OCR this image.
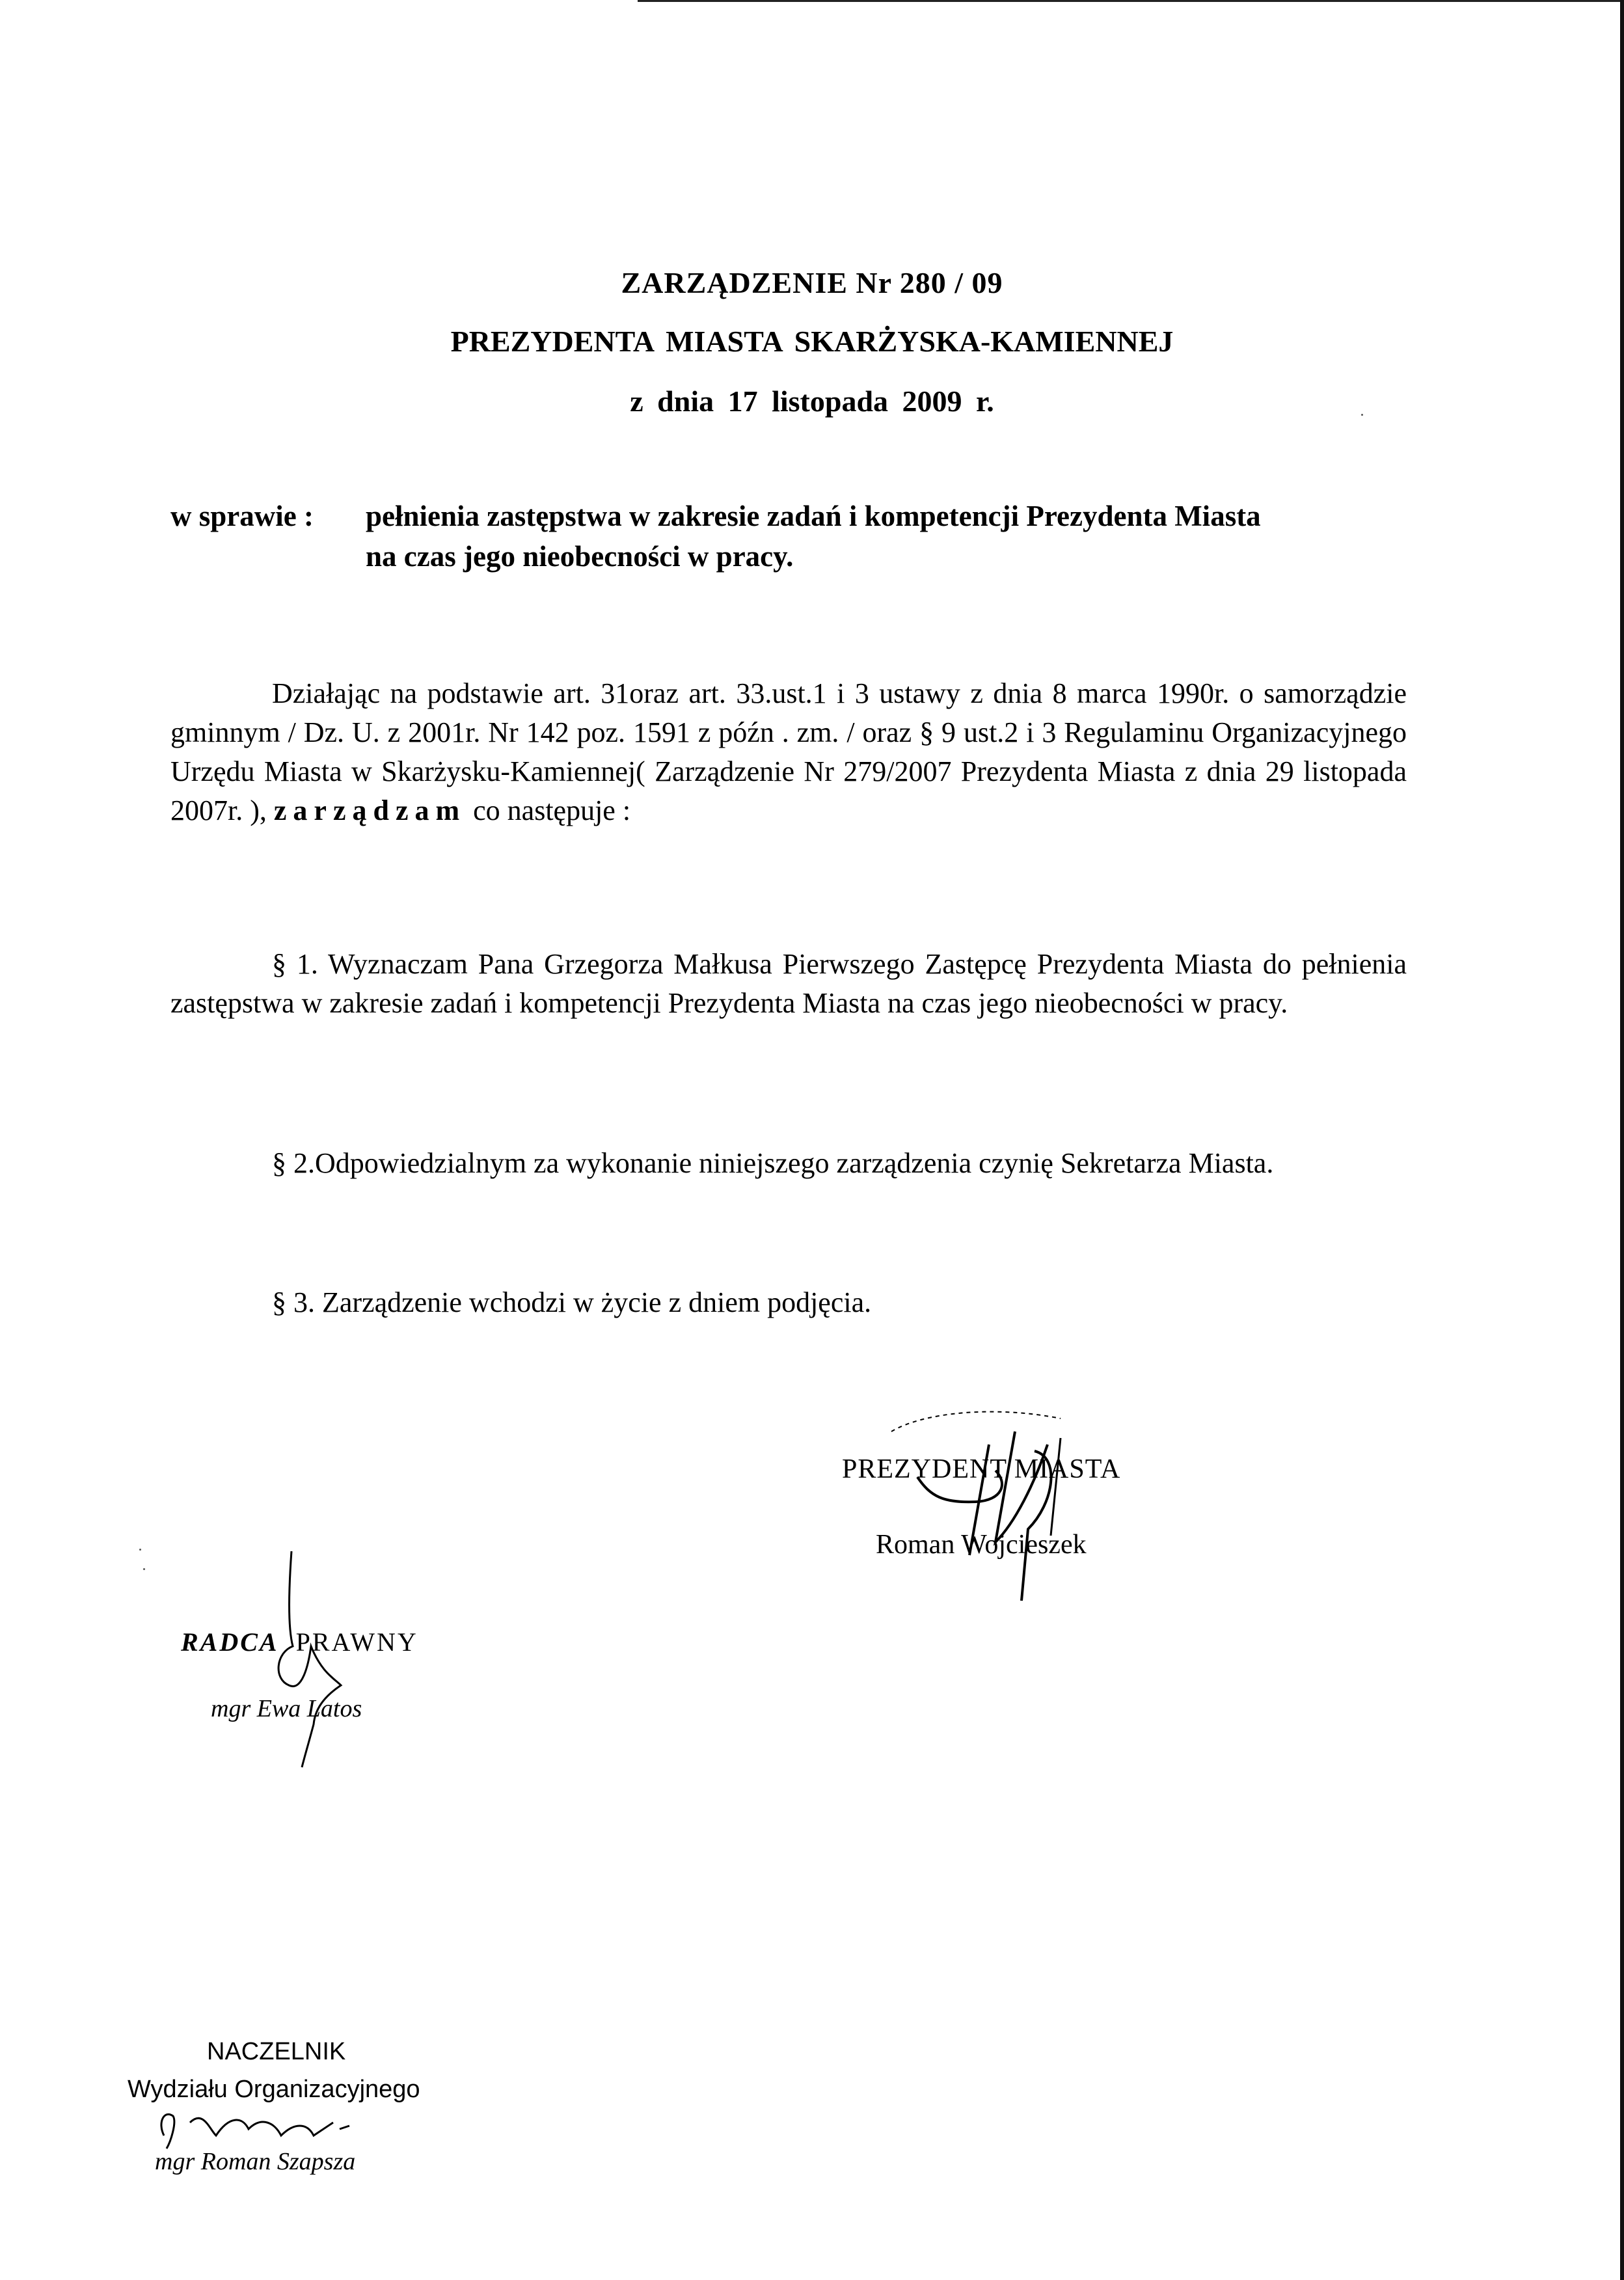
ZARZĄDZENIE Nr 280 / 09
PREZYDENTA MIASTA SKARŻYSKA-KAMIENNEJ
z dnia 17 listopada 2009 r.
w sprawie : pełnienia zastępstwa w zakresie zadań i kompetencji Prezydenta Miasta
na czas jego nieobecności w pracy.
Działając na podstawie art. 31oraz art. 33.ust.1 i 3 ustawy z dnia 8 marca 1990r. o samorządzie gminnym / Dz. U. z 2001r. Nr 142 poz. 1591 z późn . zm. / oraz § 9 ust.2 i 3 Regulaminu Organizacyjnego Urzędu Miasta w Skarżysku-Kamiennej( Zarządzenie Nr 279/2007 Prezydenta Miasta z dnia 29 listopada 2007r. ), zarządzam co następuje :
§ 1. Wyznaczam Pana Grzegorza Małkusa Pierwszego Zastępcę Prezydenta Miasta do pełnienia zastępstwa w zakresie zadań i kompetencji Prezydenta Miasta na czas jego nieobecności w pracy.
§ 2.Odpowiedzialnym za wykonanie niniejszego zarządzenia czynię Sekretarza Miasta.
§ 3. Zarządzenie wchodzi w życie z dniem podjęcia.
PREZYDENT MIASTA
Roman Wojcieszek
RADCA PRAWNY
mgr Ewa Latos
NACZELNIK
Wydziału Organizacyjnego
mgr Roman Szapsza
